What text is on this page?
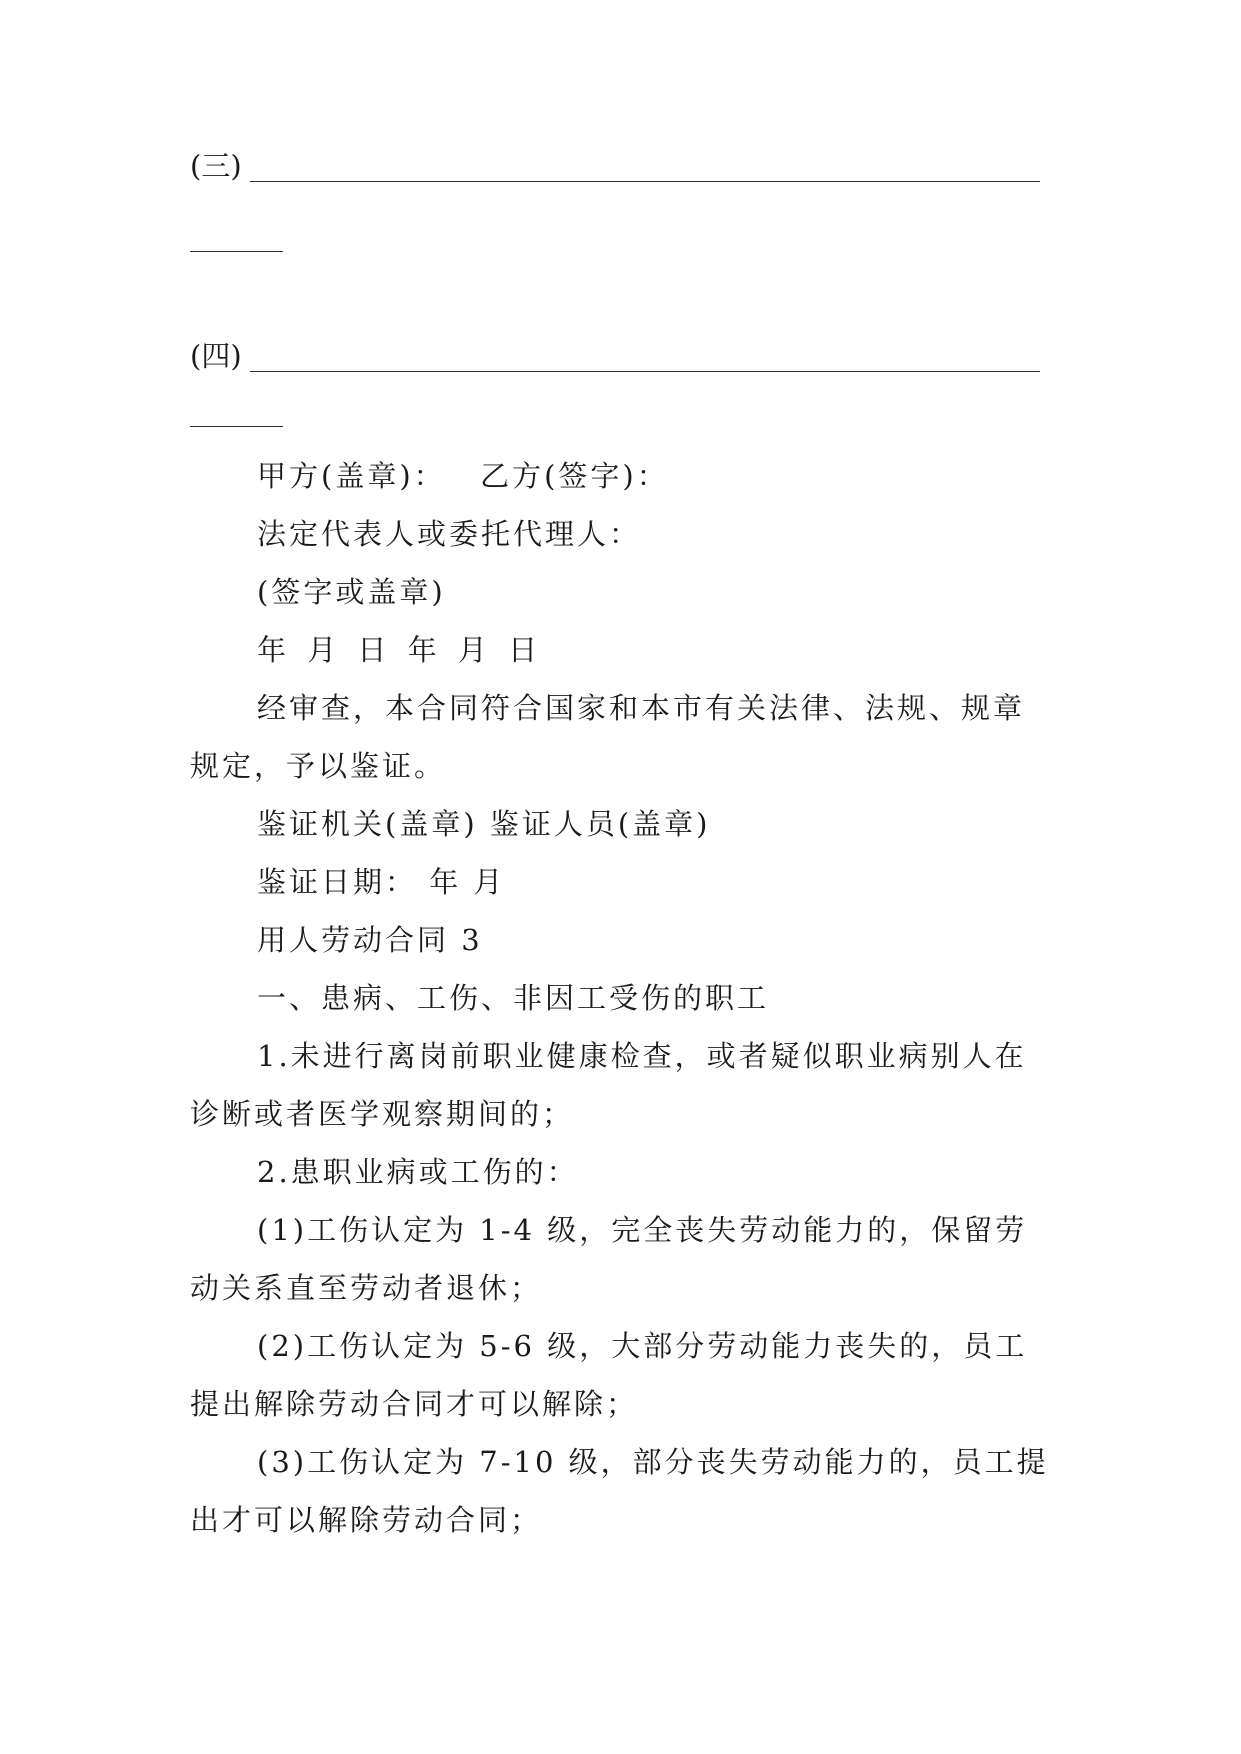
(三)
(四)
甲方(盖章)： 乙方(签字)：
法定代表人或委托代理人：
(签字或盖章)
年 月 日 年 月 日
经审查，本合同符合国家和本市有关法律、法规、规章
规定，予以鉴证。
鉴证机关(盖章) 鉴证人员(盖章)
鉴证日期： 年 月
用人劳动合同 3
一、患病、工伤、非因工受伤的职工
1.未进行离岗前职业健康检查，或者疑似职业病别人在
诊断或者医学观察期间的；
2.患职业病或工伤的：
(1)工伤认定为 1-4 级，完全丧失劳动能力的，保留劳
动关系直至劳动者退休；
(2)工伤认定为 5-6 级，大部分劳动能力丧失的，员工
提出解除劳动合同才可以解除；
(3)工伤认定为 7-10 级，部分丧失劳动能力的，员工提
出才可以解除劳动合同；
